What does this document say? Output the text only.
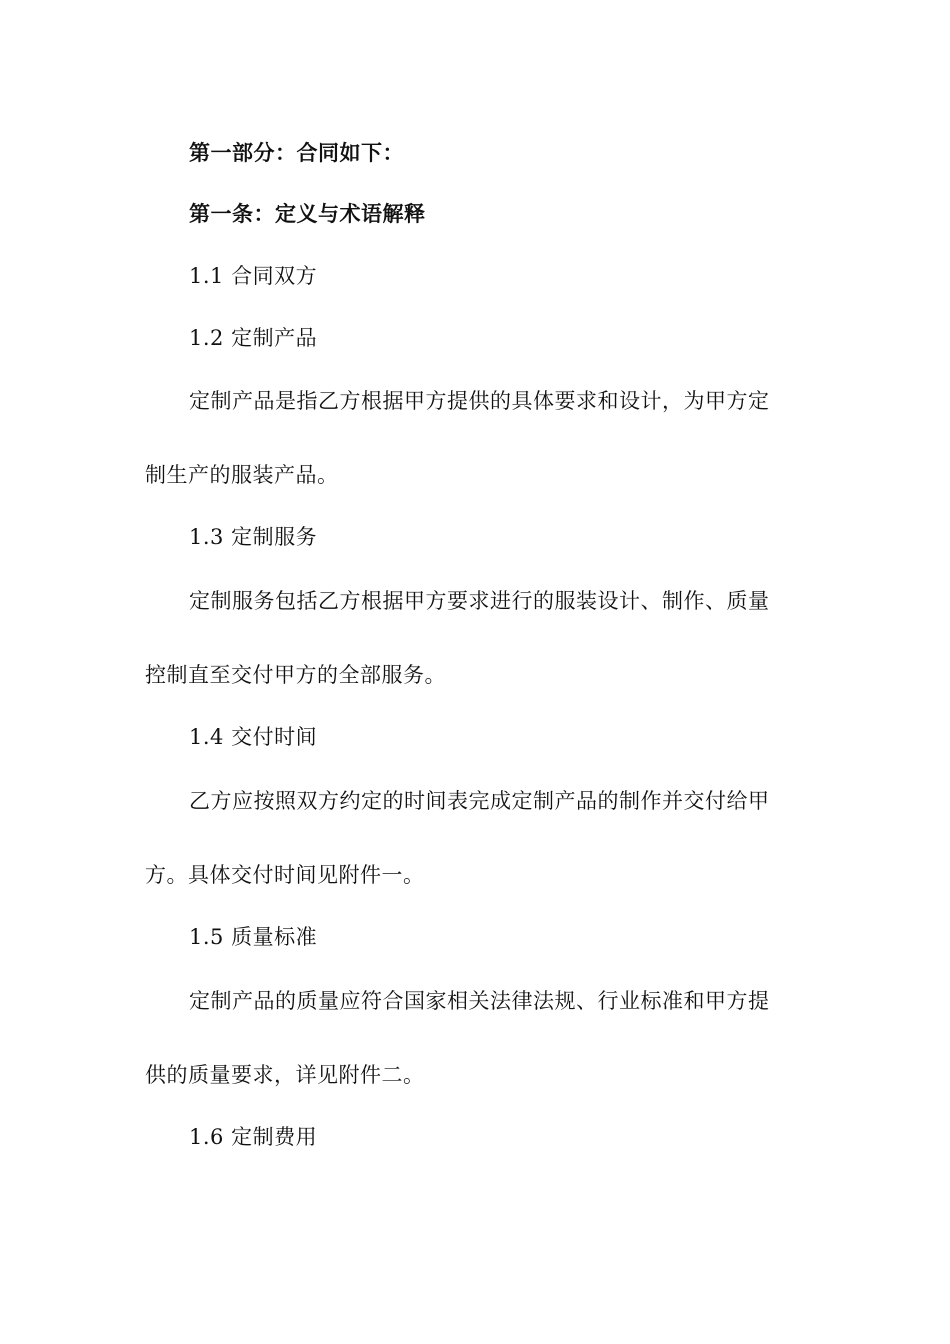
第一部分：合同如下：
第一条：定义与术语解释
1.1 合同双方
1.2 定制产品
定制产品是指乙方根据甲方提供的具体要求和设计，为甲方定
制生产的服装产品。
1.3 定制服务
定制服务包括乙方根据甲方要求进行的服装设计、制作、质量
控制直至交付甲方的全部服务。
1.4 交付时间
乙方应按照双方约定的时间表完成定制产品的制作并交付给甲
方。具体交付时间见附件一。
1.5 质量标准
定制产品的质量应符合国家相关法律法规、行业标准和甲方提
供的质量要求，详见附件二。
1.6 定制费用
